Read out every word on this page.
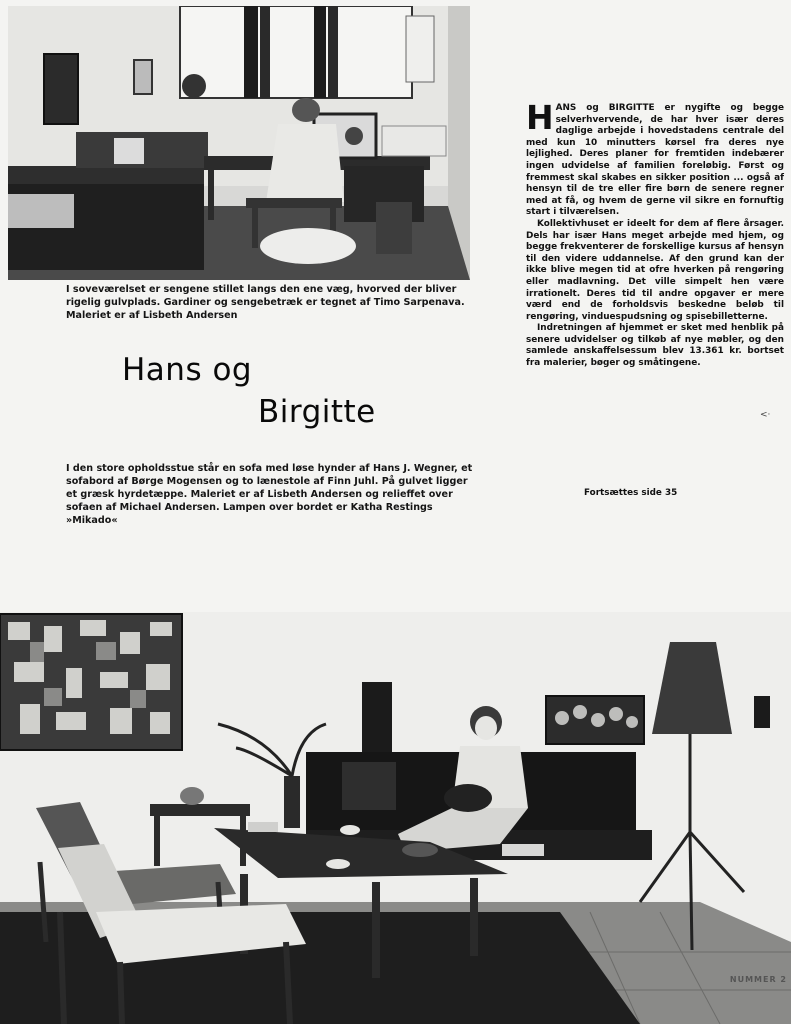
I soveværelset er sengene stillet langs den ene væg, hvorved der bliver rigelig gulvplads. Gardiner og sengebetræk er tegnet af Timo Sarpenava. Maleriet er af Lisbeth Andersen
Hans og
Birgitte
I den store opholdsstue står en sofa med løse hynder af Hans J. Wegner, et sofabord af Børge Mogensen og to lænestole af Finn Juhl. På gulvet ligger et græsk hyrdetæppe. Maleriet er af Lisbeth Andersen og relieffet over sofaen af Michael Andersen. Lampen over bordet er Katha Restings »Mikado«

HANS og BIRGITTE er nygifte og begge selverhvervende, de har hver især deres daglige arbejde i hovedstadens centrale del med kun 10 minutters kørsel fra deres nye lejlighed. Deres planer for fremtiden indebærer ingen udvidelse af familien foreløbig. Først og fremmest skal skabes en sikker position ... også af hensyn til de tre eller fire børn de senere regner med at få, og hvem de gerne vil sikre en fornuftig start i tilværelsen.

Kollektivhuset er ideelt for dem af flere årsager. Dels har især Hans meget arbejde med hjem, og begge frekventerer de forskellige kursus af hensyn til den videre uddannelse. Af den grund kan der ikke blive megen tid at ofre hverken på rengøring eller madlavning. Det ville simpelt hen være irrationelt. Deres tid til andre opgaver er mere værd end de forholdsvis beskedne beløb til rengøring, vinduespudsning og spisebilletterne.

Indretningen af hjemmet er sket med henblik på senere udvidelser og tilkøb af nye møbler, og den samlede anskaffelsessum blev 13.361 kr. bortset fra malerier, bøger og småtingene.

Fortsættes side 35
<·
NUMMER 2
